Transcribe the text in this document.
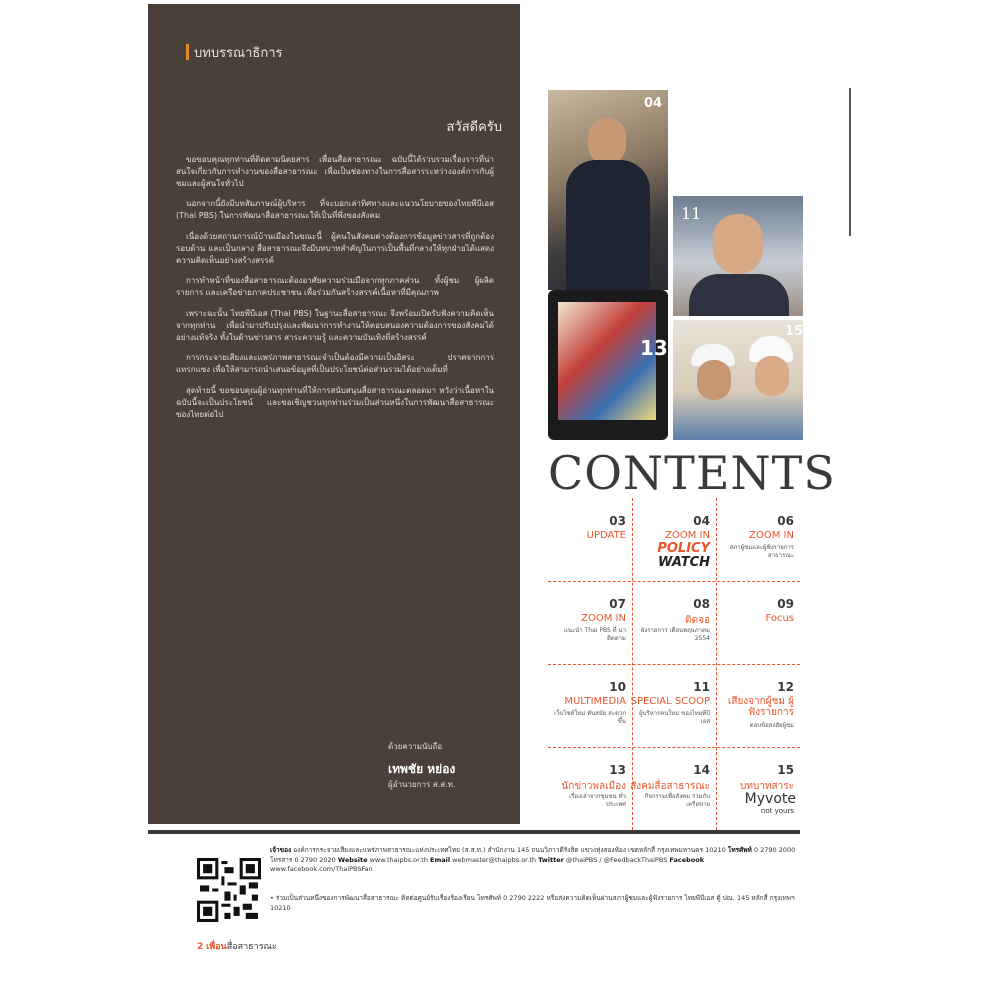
บทบรรณาธิการ
สวัสดีครับ

ขอขอบคุณทุกท่านที่ติดตามนิตยสาร เพื่อนสื่อสาธารณะ ฉบับนี้ได้รวบรวมเรื่องราวที่น่าสนใจเกี่ยวกับการทำงานของสื่อสาธารณะ เพื่อเป็นช่องทางในการสื่อสารระหว่างองค์การกับผู้ชมและผู้สนใจทั่วไป

นอกจากนี้ยังมีบทสัมภาษณ์ผู้บริหาร ที่จะบอกเล่าทิศทางและแนวนโยบายของไทยพีบีเอส (Thai PBS) ในการพัฒนาสื่อสาธารณะให้เป็นที่พึ่งของสังคม

เนื่องด้วยสถานการณ์บ้านเมืองในขณะนี้ ผู้คนในสังคมต่างต้องการข้อมูลข่าวสารที่ถูกต้อง รอบด้าน และเป็นกลาง สื่อสาธารณะจึงมีบทบาทสำคัญในการเป็นพื้นที่กลางให้ทุกฝ่ายได้แสดงความคิดเห็นอย่างสร้างสรรค์

การทำหน้าที่ของสื่อสาธารณะต้องอาศัยความร่วมมือจากทุกภาคส่วน ทั้งผู้ชม ผู้ผลิตรายการ และเครือข่ายภาคประชาชน เพื่อร่วมกันสร้างสรรค์เนื้อหาที่มีคุณภาพ

เพราะฉะนั้น ไทยพีบีเอส (Thai PBS) ในฐานะสื่อสาธารณะ จึงพร้อมเปิดรับฟังความคิดเห็นจากทุกท่าน เพื่อนำมาปรับปรุงและพัฒนาการทำงานให้ตอบสนองความต้องการของสังคมได้อย่างแท้จริง ทั้งในด้านข่าวสาร สาระความรู้ และความบันเทิงที่สร้างสรรค์

การกระจายเสียงและแพร่ภาพสาธารณะจำเป็นต้องมีความเป็นอิสระ ปราศจากการแทรกแซง เพื่อให้สามารถนำเสนอข้อมูลที่เป็นประโยชน์ต่อส่วนรวมได้อย่างเต็มที่

สุดท้ายนี้ ขอขอบคุณผู้อ่านทุกท่านที่ให้การสนับสนุนสื่อสาธารณะตลอดมา หวังว่าเนื้อหาในฉบับนี้จะเป็นประโยชน์ และขอเชิญชวนทุกท่านร่วมเป็นส่วนหนึ่งในการพัฒนาสื่อสาธารณะของไทยต่อไป

ด้วยความนับถือ
เทพชัย หย่อง
ผู้อำนวยการ ส.ส.ท.
04
11
13
15
CONTENTS
03
UPDATE
04
ZOOM IN
POLICY
WATCH
06
ZOOM IN
สภาผู้ชมและผู้ฟังรายการ สาธารณะ
07
ZOOM IN
แนะนำ Thai PBS ที่ น่าติดตาม
08
ติดจอ
ผังรายการ เดือนพฤษภาคม 2554
09
Focus
10
MULTIMEDIA
เว็บไซต์ใหม่ ทันสมัย สะดวกขึ้น
11
SPECIAL SCOOP
ผู้บริหารคนใหม่ ของไทยพีบีเอส
12
เสียงจากผู้ชม ผู้ฟังรายการ
ตอบข้อสงสัยผู้ชม
13
นักข่าวพลเมือง
เรื่องเล่าจากชุมชน ทั่วประเทศ
14
สังคมสื่อสาธารณะ
กิจกรรมเพื่อสังคม ร่วมกับเครือข่าย
15
บทบาทสาระ
Myvote
not yours
เจ้าของ องค์การกระจายเสียงและแพร่ภาพสาธารณะแห่งประเทศไทย (ส.ส.ท.) สำนักงาน 145 ถนนวิภาวดีรังสิต แขวงทุ่งสองห้อง เขตหลักสี่ กรุงเทพมหานคร 10210 โทรศัพท์ 0 2790 2000 โทรสาร 0 2790 2020 Website www.thaipbs.or.th Email webmaster@thaipbs.or.th Twitter @thaiPBS / @FeedbackThaiPBS Facebook www.facebook.com/ThaiPBSFan
• ร่วมเป็นส่วนหนึ่งของการพัฒนาสื่อสาธารณะ ติดต่อศูนย์รับเรื่องร้องเรียน โทรศัพท์ 0 2790 2222 หรือส่งความคิดเห็นผ่านสภาผู้ชมและผู้ฟังรายการ ไทยพีบีเอส ตู้ ปณ. 145 หลักสี่ กรุงเทพฯ 10210
2 เพื่อนสื่อสาธารณะ
